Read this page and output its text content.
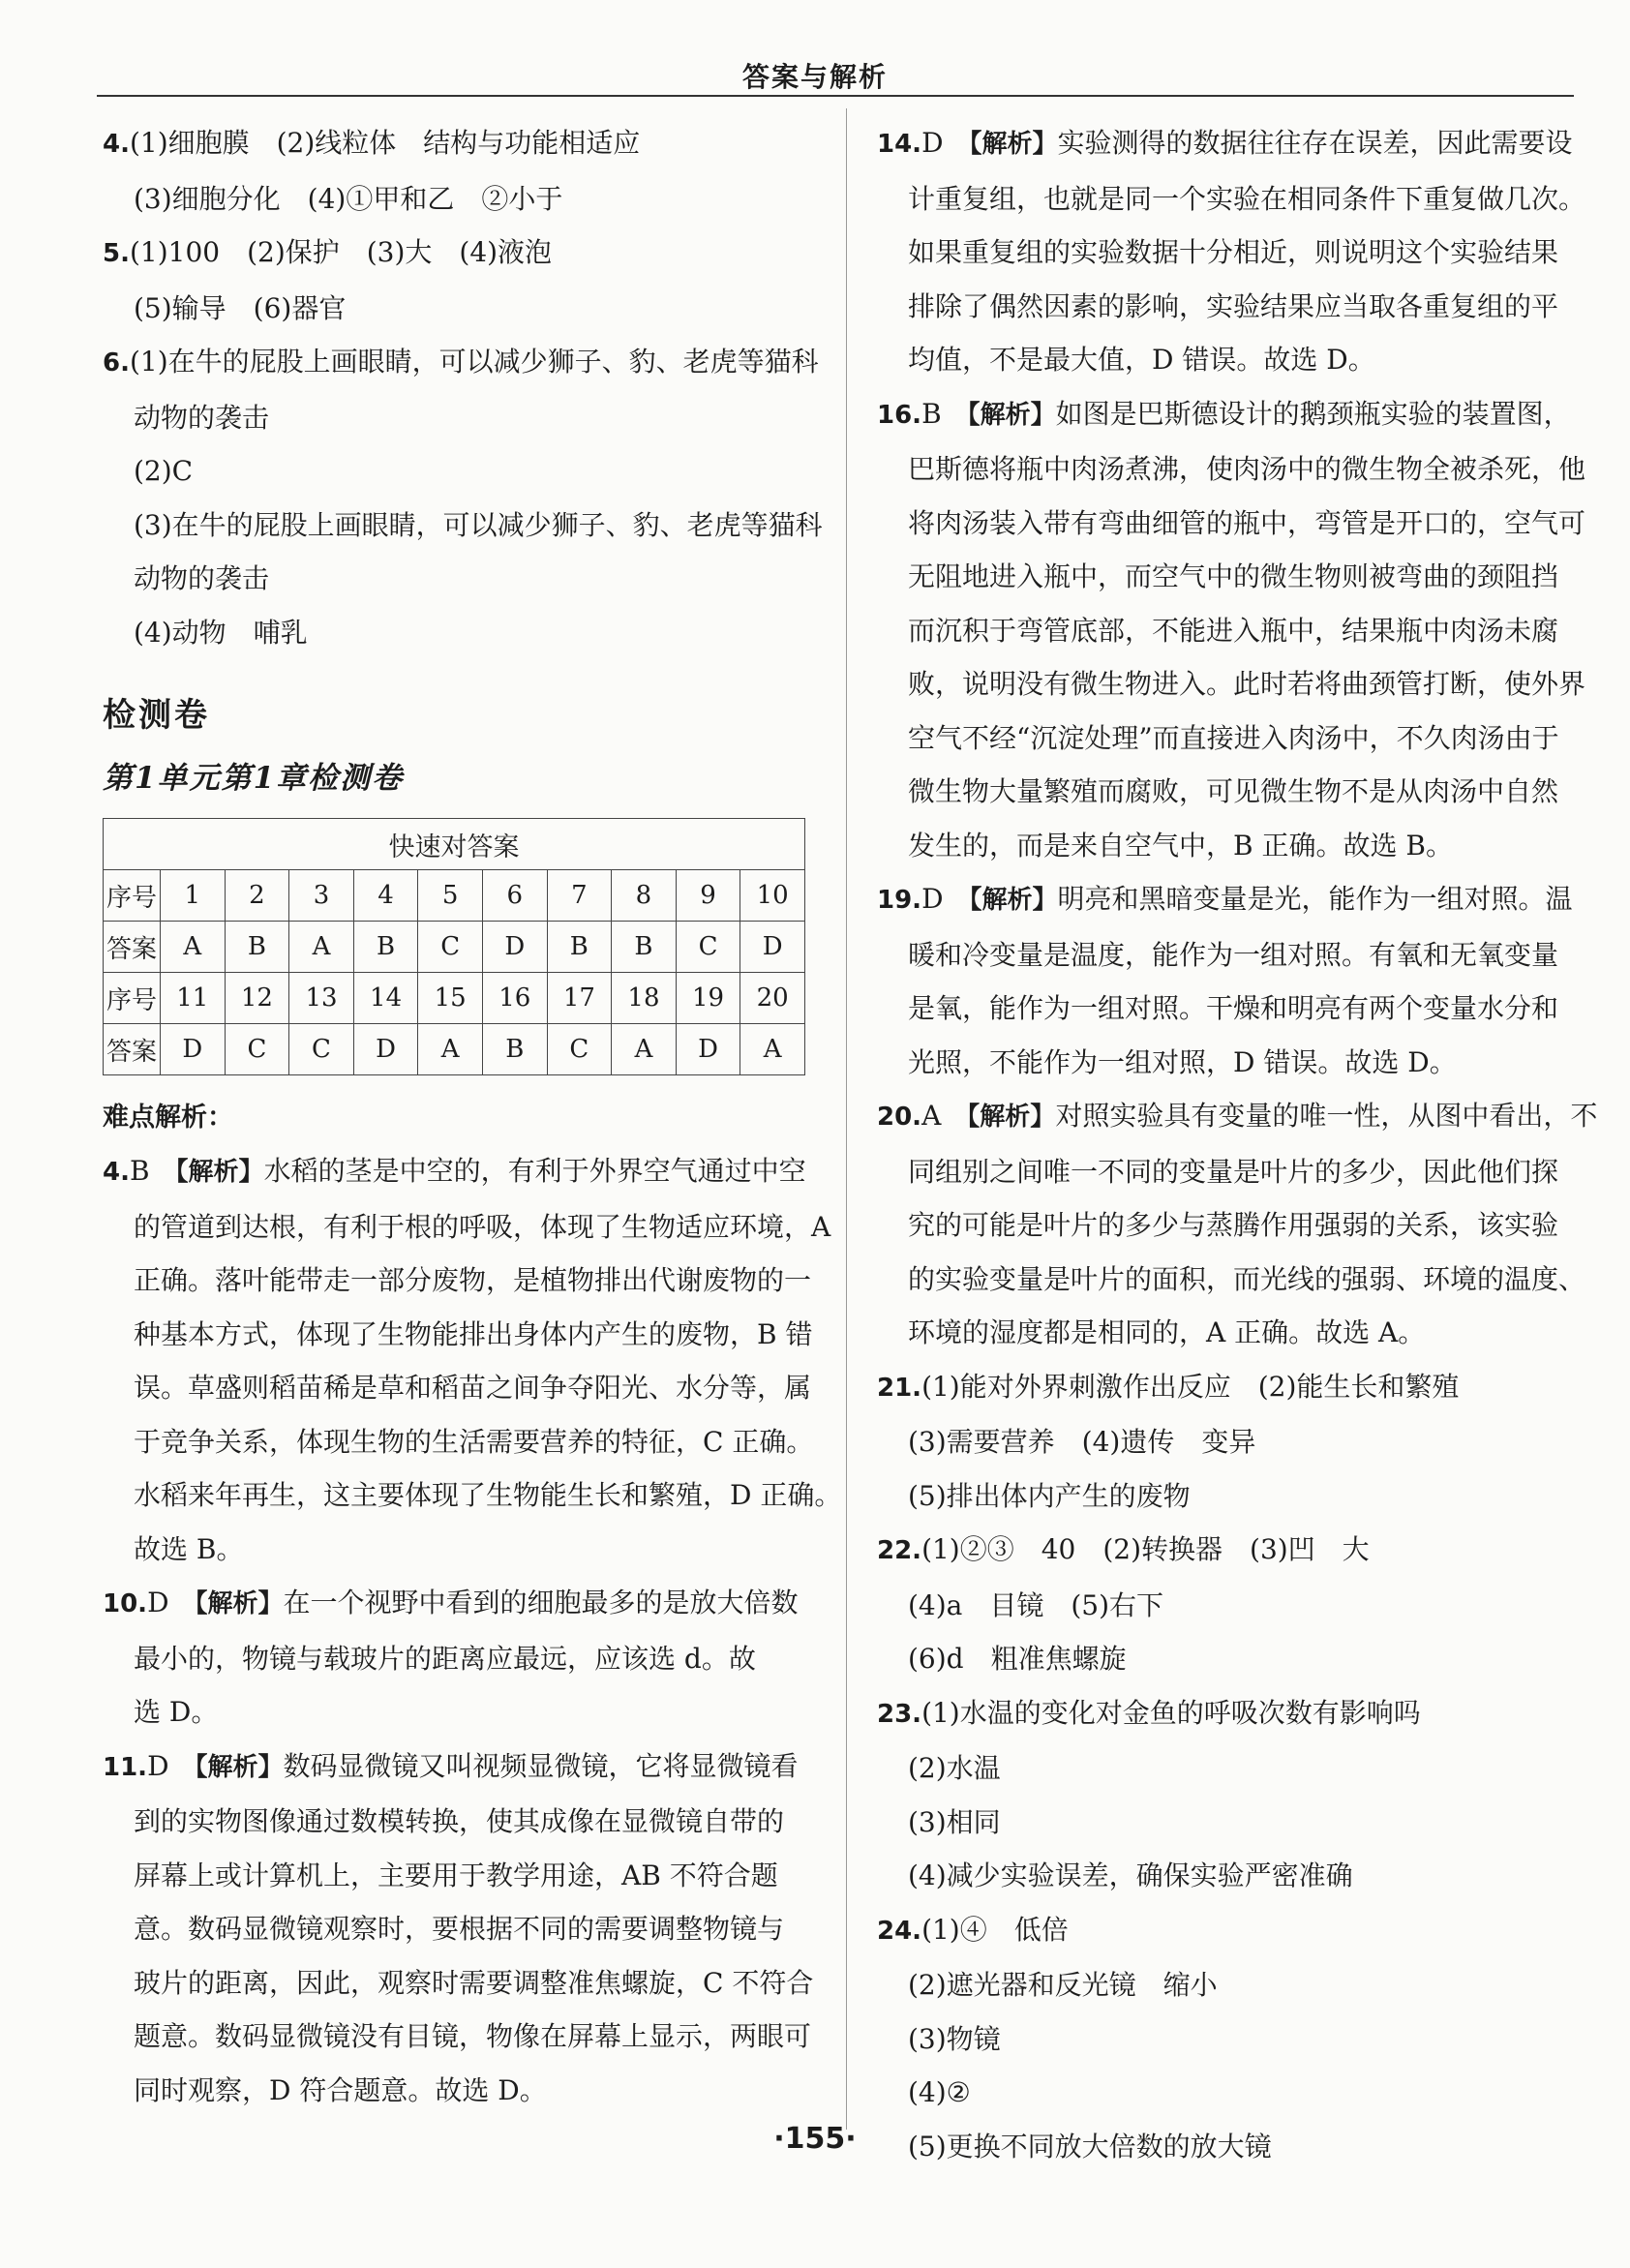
答案与解析
4.(1)细胞膜　(2)线粒体　结构与功能相适应
(3)细胞分化　(4)①甲和乙　②小于
5.(1)100　(2)保护　(3)大　(4)液泡
(5)输导　(6)器官
6.(1)在牛的屁股上画眼睛，可以减少狮子、豹、老虎等猫科
动物的袭击
(2)C
(3)在牛的屁股上画眼睛，可以减少狮子、豹、老虎等猫科
动物的袭击
(4)动物　哺乳
检测卷
第1单元第1章检测卷
快速对答案										
序号	1	2	3	4	5	6	7	8	9	10
答案	A	B	A	B	C	D	B	B	C	D
序号	11	12	13	14	15	16	17	18	19	20
答案	D	C	C	D	A	B	C	A	D	A
难点解析：
4.B 【解析】水稻的茎是中空的，有利于外界空气通过中空
的管道到达根，有利于根的呼吸，体现了生物适应环境，A
正确。落叶能带走一部分废物，是植物排出代谢废物的一
种基本方式，体现了生物能排出身体内产生的废物，B 错
误。草盛则稻苗稀是草和稻苗之间争夺阳光、水分等，属
于竞争关系，体现生物的生活需要营养的特征，C 正确。
水稻来年再生，这主要体现了生物能生长和繁殖，D 正确。
故选 B。
10.D 【解析】在一个视野中看到的细胞最多的是放大倍数
最小的，物镜与载玻片的距离应最远，应该选 d。故
选 D。
11.D 【解析】数码显微镜又叫视频显微镜，它将显微镜看
到的实物图像通过数模转换，使其成像在显微镜自带的
屏幕上或计算机上，主要用于教学用途，AB 不符合题
意。数码显微镜观察时，要根据不同的需要调整物镜与
玻片的距离，因此，观察时需要调整准焦螺旋，C 不符合
题意。数码显微镜没有目镜，物像在屏幕上显示，两眼可
同时观察，D 符合题意。故选 D。
14.D 【解析】实验测得的数据往往存在误差，因此需要设
计重复组，也就是同一个实验在相同条件下重复做几次。
如果重复组的实验数据十分相近，则说明这个实验结果
排除了偶然因素的影响，实验结果应当取各重复组的平
均值，不是最大值，D 错误。故选 D。
16.B 【解析】如图是巴斯德设计的鹅颈瓶实验的装置图，
巴斯德将瓶中肉汤煮沸，使肉汤中的微生物全被杀死，他
将肉汤装入带有弯曲细管的瓶中，弯管是开口的，空气可
无阻地进入瓶中，而空气中的微生物则被弯曲的颈阻挡
而沉积于弯管底部，不能进入瓶中，结果瓶中肉汤未腐
败，说明没有微生物进入。此时若将曲颈管打断，使外界
空气不经“沉淀处理”而直接进入肉汤中，不久肉汤由于
微生物大量繁殖而腐败，可见微生物不是从肉汤中自然
发生的，而是来自空气中，B 正确。故选 B。
19.D 【解析】明亮和黑暗变量是光，能作为一组对照。温
暖和冷变量是温度，能作为一组对照。有氧和无氧变量
是氧，能作为一组对照。干燥和明亮有两个变量水分和
光照，不能作为一组对照，D 错误。故选 D。
20.A 【解析】对照实验具有变量的唯一性，从图中看出，不
同组别之间唯一不同的变量是叶片的多少，因此他们探
究的可能是叶片的多少与蒸腾作用强弱的关系，该实验
的实验变量是叶片的面积，而光线的强弱、环境的温度、
环境的湿度都是相同的，A 正确。故选 A。
21.(1)能对外界刺激作出反应　(2)能生长和繁殖
(3)需要营养　(4)遗传　变异
(5)排出体内产生的废物
22.(1)②③　40　(2)转换器　(3)凹　大
(4)a　目镜　(5)右下
(6)d　粗准焦螺旋
23.(1)水温的变化对金鱼的呼吸次数有影响吗
(2)水温
(3)相同
(4)减少实验误差，确保实验严密准确
24.(1)④　低倍
(2)遮光器和反光镜　缩小
(3)物镜
(4)②
(5)更换不同放大倍数的放大镜
·155·
